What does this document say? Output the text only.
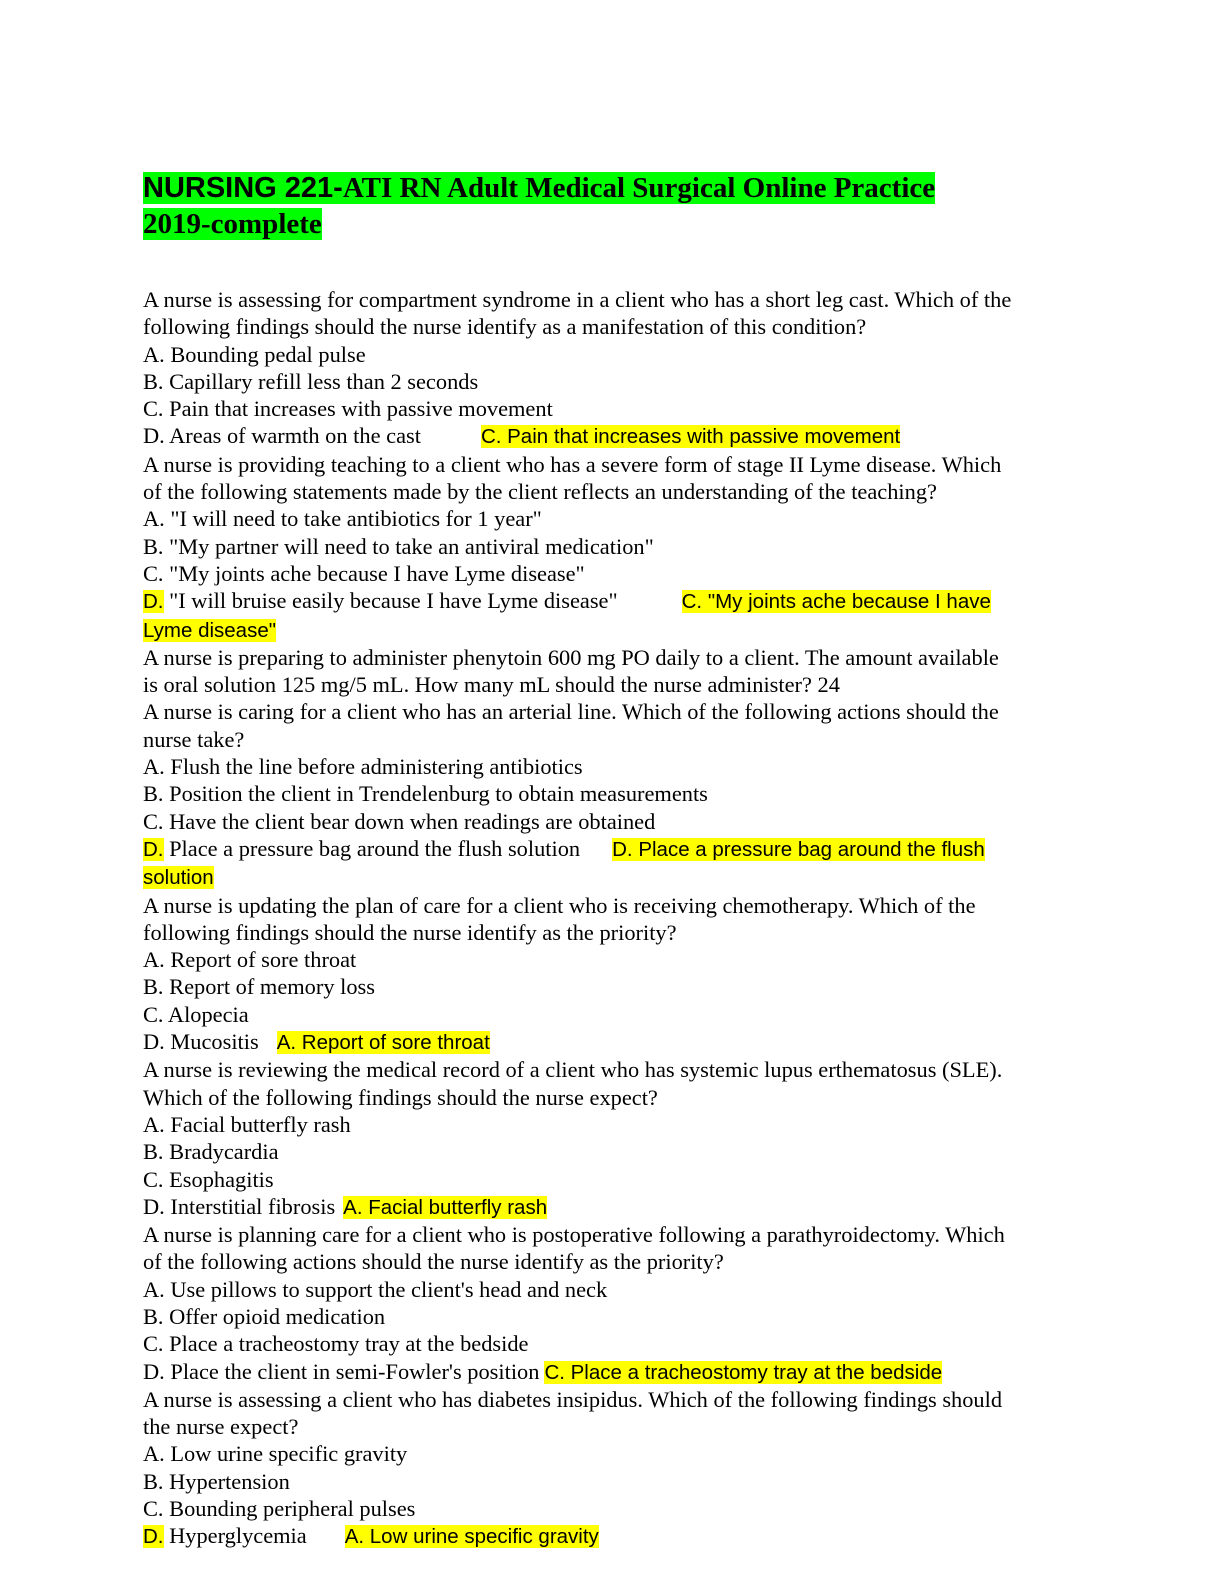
NURSING 221-ATI RN Adult Medical Surgical Online Practice
2019-complete

A nurse is assessing for compartment syndrome in a client who has a short leg cast. Which of the

following findings should the nurse identify as a manifestation of this condition?

A. Bounding pedal pulse

B. Capillary refill less than 2 seconds

C. Pain that increases with passive movement

D. Areas of warmth on the cast	C. Pain that increases with passive movement

A nurse is providing teaching to a client who has a severe form of stage II Lyme disease. Which

of the following statements made by the client reflects an understanding of the teaching?

A. "I will need to take antibiotics for 1 year"

B. "My partner will need to take an antiviral medication"

C. "My joints ache because I have Lyme disease"

D. "I will bruise easily because I have Lyme disease"	C. "My joints ache because I have

Lyme disease"

A nurse is preparing to administer phenytoin 600 mg PO daily to a client. The amount available

is oral solution 125 mg/5 mL. How many mL should the nurse administer? 24

A nurse is caring for a client who has an arterial line. Which of the following actions should the

nurse take?

A. Flush the line before administering antibiotics

B. Position the client in Trendelenburg to obtain measurements

C. Have the client bear down when readings are obtained

D. Place a pressure bag around the flush solution D. Place a pressure bag around the flush

solution

A nurse is updating the plan of care for a client who is receiving chemotherapy. Which of the

following findings should the nurse identify as the priority?

A. Report of sore throat

B. Report of memory loss

C. Alopecia

D. Mucositis A. Report of sore throat

A nurse is reviewing the medical record of a client who has systemic lupus erthematosus (SLE).

Which of the following findings should the nurse expect?

A. Facial butterfly rash

B. Bradycardia

C. Esophagitis

D. Interstitial fibrosis A. Facial butterfly rash

A nurse is planning care for a client who is postoperative following a parathyroidectomy. Which

of the following actions should the nurse identify as the priority?

A. Use pillows to support the client's head and neck

B. Offer opioid medication

C. Place a tracheostomy tray at the bedside

D. Place the client in semi-Fowler's position C. Place a tracheostomy tray at the bedside

A nurse is assessing a client who has diabetes insipidus. Which of the following findings should

the nurse expect?

A. Low urine specific gravity

B. Hypertension

C. Bounding peripheral pulses

D. Hyperglycemia A. Low urine specific gravity
